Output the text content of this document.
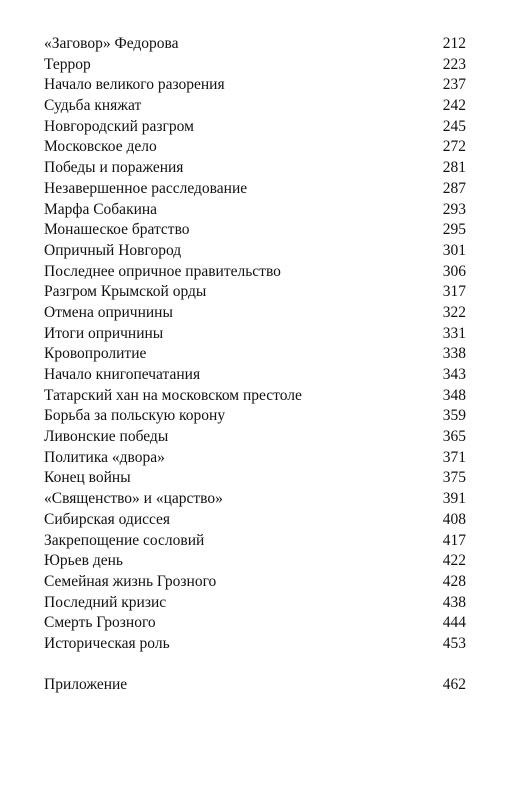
«Заговор» Федорова	212
Террор	223
Начало великого разорения	237
Судьба княжат	242
Новгородский разгром	245
Московское дело	272
Победы и поражения	281
Незавершенное расследование	287
Марфа Собакина	293
Монашеское братство	295
Опричный Новгород	301
Последнее опричное правительство	306
Разгром Крымской орды	317
Отмена опричнины	322
Итоги опричнины	331
Кровопролитие	338
Начало книгопечатания	343
Татарский хан на московском престоле	348
Борьба за польскую корону	359
Ливонские победы	365
Политика «двора»	371
Конец войны	375
«Священство» и «царство»	391
Сибирская одиссея	408
Закрепощение сословий	417
Юрьев день	422
Семейная жизнь Грозного	428
Последний кризис	438
Смерть Грозного	444
Историческая роль	453
Приложение	462
